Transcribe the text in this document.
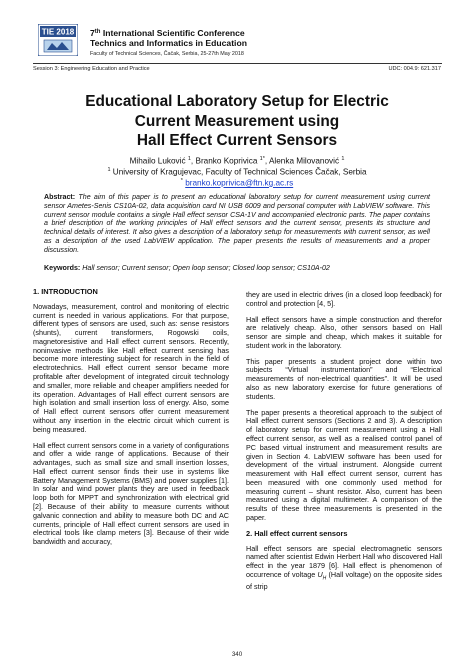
TIE 2018 7th International Scientific Conference
Technics and Informatics in Education
Faculty of Technical Sciences, Čačak, Serbia, 25-27th May 2018
Session 3: Engineering Education and Practice	UDC: 004.9: 621.317
Educational Laboratory Setup for Electric
Current Measurement using
Hall Effect Current Sensors
Mihailo Luković $^1$, Branko Koprivica $^{1*}$, Alenka Milovanović $^1$
$^1$ University of Kragujevac, Faculty of Technical Sciences Čačak, Serbia
* branko.koprivica@ftn.kg.ac.rs
Abstract: The aim of this paper is to present an educational laboratory setup for current measurement using current sensor Ametes-Senis CS10A-02, data acquisition card NI USB 6009 and personal computer with LabVIEW software. This current sensor module contains a single Hall effect sensor CSA-1V and accompanied electronic parts. The paper contains a brief description of the working principles of Hall effect sensors and the current sensor, presents its structure and technical details of interest. It also gives a description of a laboratory setup for measurements with current sensor, as well as a description of the used LabVIEW application. The paper presents the results of measurements and a proper discussion.
Keywords: Hall sensor; Current sensor; Open loop sensor; Closed loop sensor; CS10A-02
1. INTRODUCTION

Nowadays, measurement, control and monitoring of electric current is needed in various applications. For that purpose, different types of sensors are used, such as: sense resistors (shunts), current transformers, Rogowski coils, magnetoresistive and Hall effect current sensors. Recently, noninvasive methods like Hall effect current sensing has become more interesting subject for research in the field of electrotechnics. Hall effect current sensor became more profitable after development of integrated circuit technology and smaller, more reliable and cheaper amplifiers needed for its operation. Advantages of Hall effect current sensors are high isolation and small insertion loss of energy. Also, some of Hall effect current sensors offer current measurement without any insertion in the electric circuit which current is being measured.

Hall effect current sensors come in a variety of configurations and offer a wide range of applications. Because of their advantages, such as small size and small insertion losses, Hall effect current sensor finds their use in systems like Battery Management Systems (BMS) and power supplies [1]. In solar and wind power plants they are used in feedback loop both for MPPT and synchronization with electrical grid [2]. Because of their ability to measure currents without galvanic connection and ability to measure both DC and AC currents, principle of Hall effect current sensors are used in electrical tools like clamp meters [3]. Because of their wide bandwidth and accuracy,

they are used in electric drives (in a closed loop feedback) for control and protection [4, 5].

Hall effect sensors have a simple construction and therefor are relatively cheap. Also, other sensors based on Hall sensor are simple and cheap, which makes it suitable for student work in the laboratory.

This paper presents a student project done within two subjects “Virtual instrumentation” and “Electrical measurements of non-electrical quantities”. It will be used also as new laboratory exercise for future generations of students.

The paper presents a theoretical approach to the subject of Hall effect current sensors (Sections 2 and 3). A description of laboratory setup for current measurement using a Hall effect current sensor, as well as a realised control panel of PC based virtual instrument and measurement results are given in Section 4. LabVIEW software has been used for development of the virtual instrument. Alongside current measurement with Hall effect current sensor, current has been measured with one commonly used method for measuring current – shunt resistor. Also, current has been measured using a digital multimeter. A comparison of the results of these three measurements is presented in the paper.

2. Hall effect current sensors

Hall effect sensors are special electromagnetic sensors named after scientist Edwin Herbert Hall who discovered Hall effect in the year 1879 [6]. Hall effect is phenomenon of occurrence of voltage $U_H$ (Hall voltage) on the opposite sides of strip

340
